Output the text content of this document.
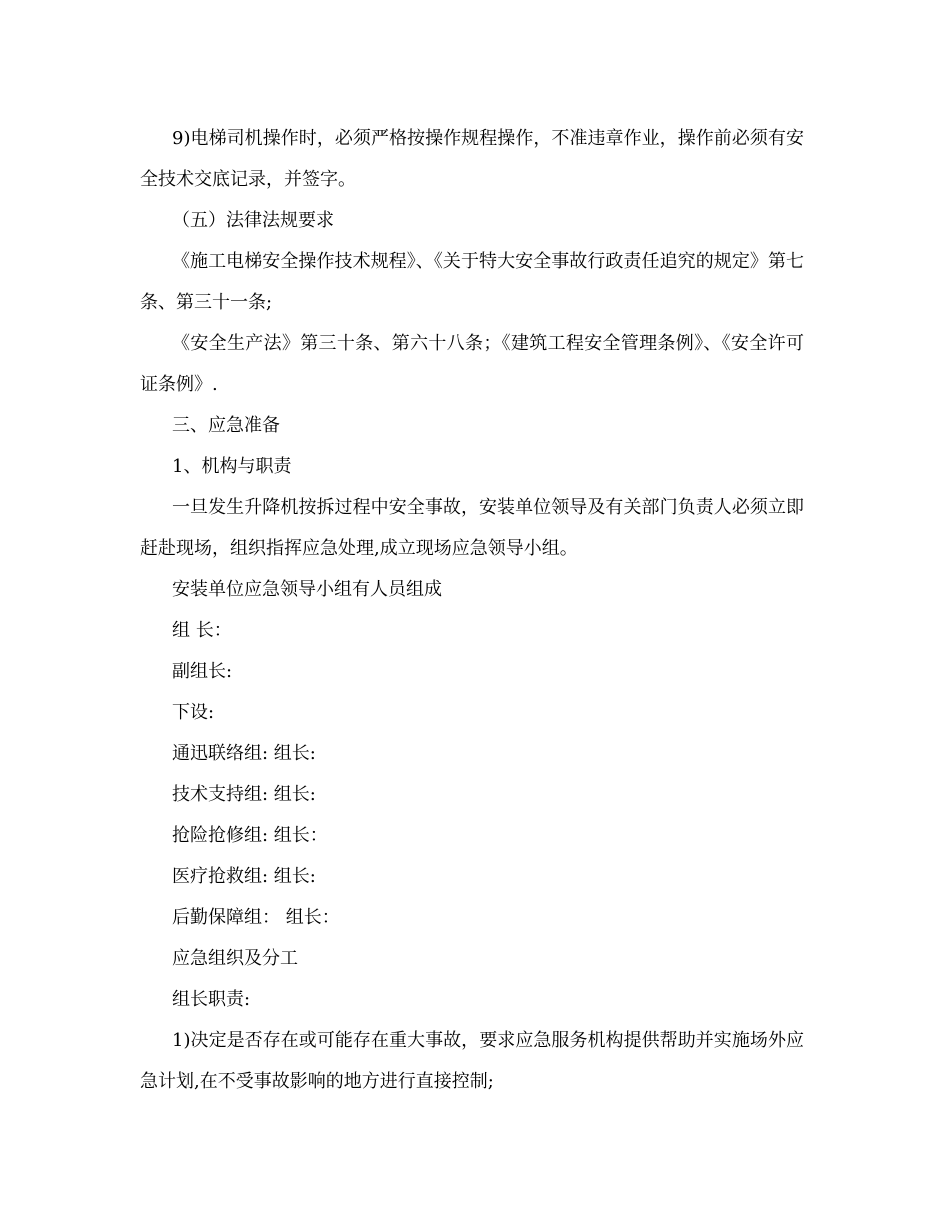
9)电梯司机操作时，必须严格按操作规程操作，不准违章作业，操作前必须有安全技术交底记录，并签字。

（五）法律法规要求

《施工电梯安全操作技术规程》、《关于特大安全事故行政责任追究的规定》第七条、第三十一条;

《安全生产法》第三十条、第六十八条；《建筑工程安全管理条例》、《安全许可证条例》.

三、应急准备

1、机构与职责

一旦发生升降机按拆过程中安全事故，安装单位领导及有关部门负责人必须立即赶赴现场，组织指挥应急处理,成立现场应急领导小组。

安装单位应急领导小组有人员组成

组 长：

副组长:

下设:

通迅联络组: 组长:

技术支持组: 组长:

抢险抢修组: 组长：

医疗抢救组: 组长:

后勤保障组： 组长：

应急组织及分工

组长职责:

1)决定是否存在或可能存在重大事故，要求应急服务机构提供帮助并实施场外应急计划,在不受事故影响的地方进行直接控制;
